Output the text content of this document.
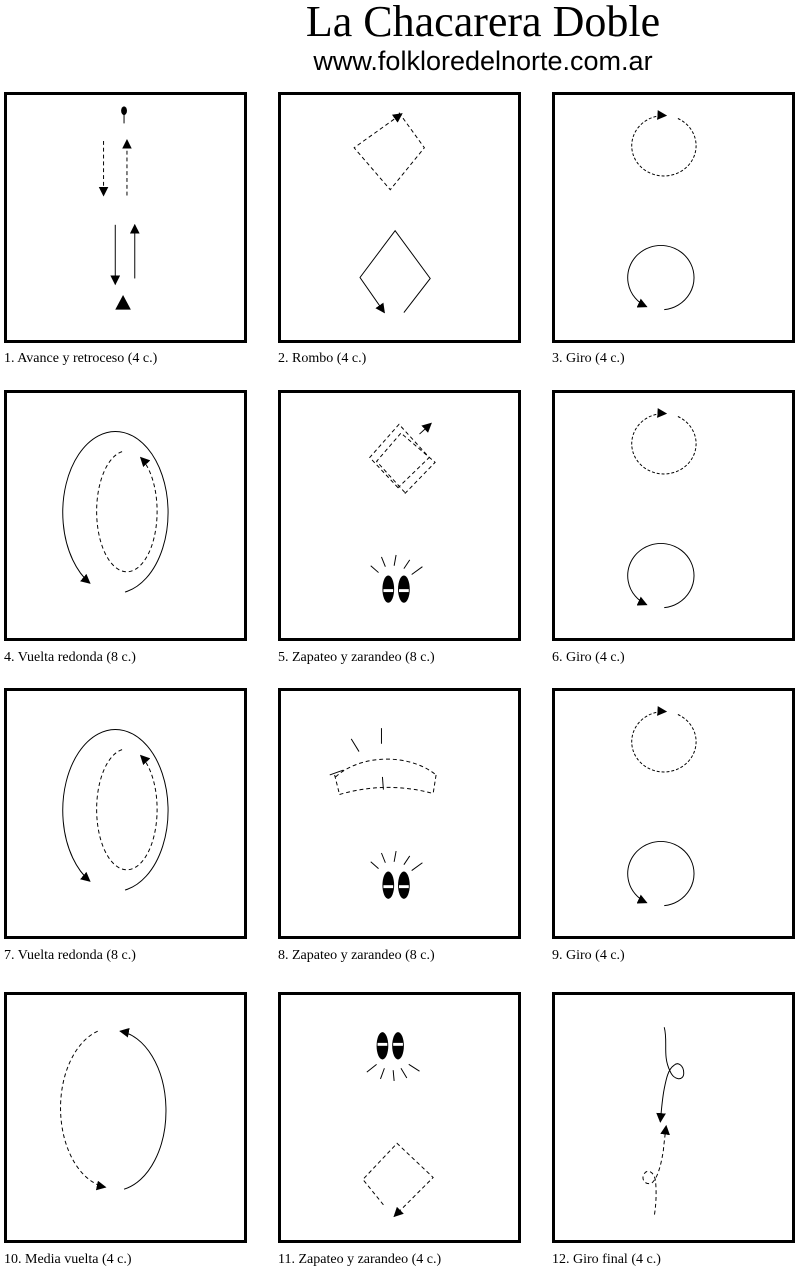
La Chacarera Doble
www.folkloredelnorte.com.ar
1. Avance y retroceso (4 c.)	2. Rombo (4 c.)	3. Giro (4 c.)
4. Vuelta redonda (8 c.)	5. Zapateo y zarandeo (8 c.)	6. Giro (4 c.)
7. Vuelta redonda (8 c.)	8. Zapateo y zarandeo (8 c.)	9. Giro (4 c.)
10. Media vuelta (4 c.)	11. Zapateo y zarandeo (4 c.)	12. Giro final (4 c.)
